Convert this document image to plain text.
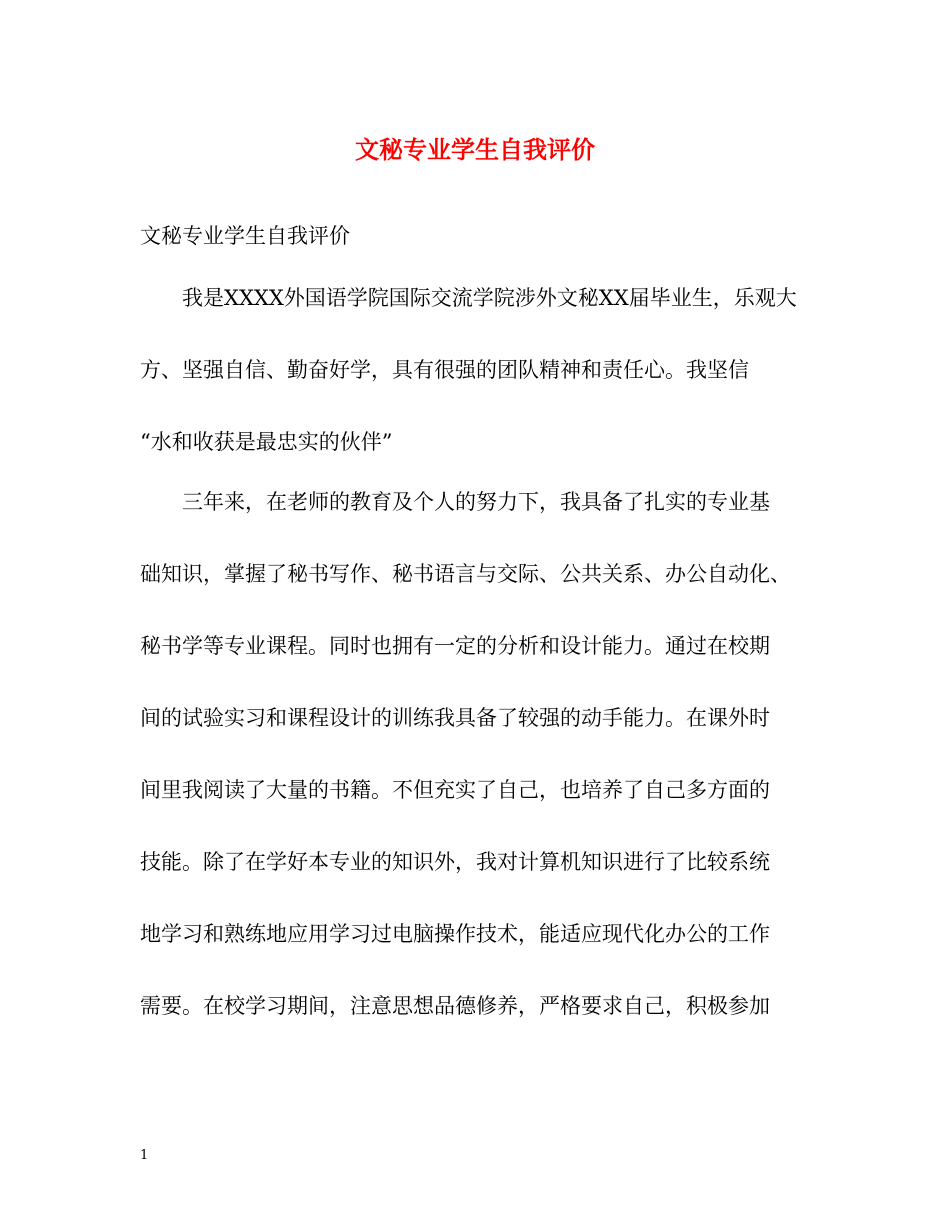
文秘专业学生自我评价

文秘专业学生自我评价

我是XXXX外国语学院国际交流学院涉外文秘XX届毕业生，乐观大

方、坚强自信、勤奋好学，具有很强的团队精神和责任心。我坚信

“水和收获是最忠实的伙伴”

三年来，在老师的教育及个人的努力下，我具备了扎实的专业基

础知识，掌握了秘书写作、秘书语言与交际、公共关系、办公自动化、

秘书学等专业课程。同时也拥有一定的分析和设计能力。通过在校期

间的试验实习和课程设计的训练我具备了较强的动手能力。在课外时

间里我阅读了大量的书籍。不但充实了自己，也培养了自己多方面的

技能。除了在学好本专业的知识外，我对计算机知识进行了比较系统

地学习和熟练地应用学习过电脑操作技术，能适应现代化办公的工作

需要。在校学习期间，注意思想品德修养，严格要求自己，积极参加

1
